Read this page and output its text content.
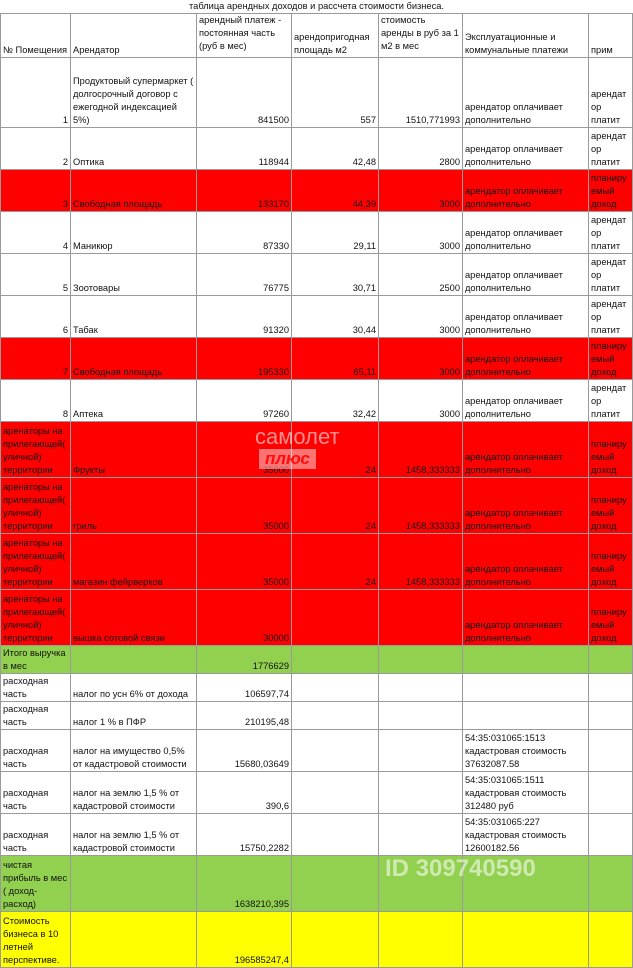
таблица арендных доходов и рассчета стоимости бизнеса.
№ Помещения	Арендатор	арендный платеж - постоянная часть (руб в мес)	арендопригодная площадь м2	стоимость аренды в руб за 1 м2 в мес	Эксплуатационные и коммунальные платежи	прим
1	Продуктовый супермаркет ( долгосрочный договор с ежегодной индексацией 5%)	841500	557	1510,771993	арендатор оплачивает дополнительно	арендатор платит
2	Оптика	118944	42,48	2800	арендатор оплачивает дополнительно	арендатор платит
3	Свободная площадь	133170	44,39	3000	арендатор оплачивает дополнительно	планируемый доход
4	Маникюр	87330	29,11	3000	арендатор оплачивает дополнительно	арендатор платит
5	Зоотовары	76775	30,71	2500	арендатор оплачивает дополнительно	арендатор платит
6	Табак	91320	30,44	3000	арендатор оплачивает дополнительно	арендатор платит
7	Свободная площадь	195330	65,11	3000	арендатор оплачивает дополнительно	планируемый доход
8	Аптека	97260	32,42	3000	арендатор оплачивает дополнительно	арендатор платит
аренаторы на прилегающей( уличной) территории	Фрукты	35000	24	1458,333333	арендатор оплачивает дополнительно	планируемый доход
аренаторы на прилегающей( уличной) территории	гриль	35000	24	1458,333333	арендатор оплачивает дополнительно	планируемый доход
аренаторы на прилегающей( уличной) территории	магазин фейрверков	35000	24	1458,333333	арендатор оплачивает дополнительно	планируемый доход
аренаторы на прилегающей( уличной) территории	вышка сотовой связи	30000			арендатор оплачивает дополнительно	планируемый доход
Итого выручка в мес		1776629				
расходная часть	налог по усн 6% от дохода	106597,74				
расходная часть	налог 1 % в ПФР	210195,48				
расходная часть	налог на имущество 0,5% от кадастровой стоимости	15680,03649			54:35:031065:1513 кадастровая стоимость 37632087.58	
расходная часть	налог на землю 1,5 % от кадастровой стоимости	390,6			54:35:031065:1511 кадастровая стоимость 312480 руб	
расходная часть	налог на землю 1,5 % от кадастровой стоимости	15750,2282			54:35:031065:227 кадастровая стоимость 12600182.56	
чистая прибыль в мес ( доход-расход)		1638210,395				
Стоимость бизнеса в 10 летней перспективе.		196585247,4				
самолет
плюс
ID 309740590
